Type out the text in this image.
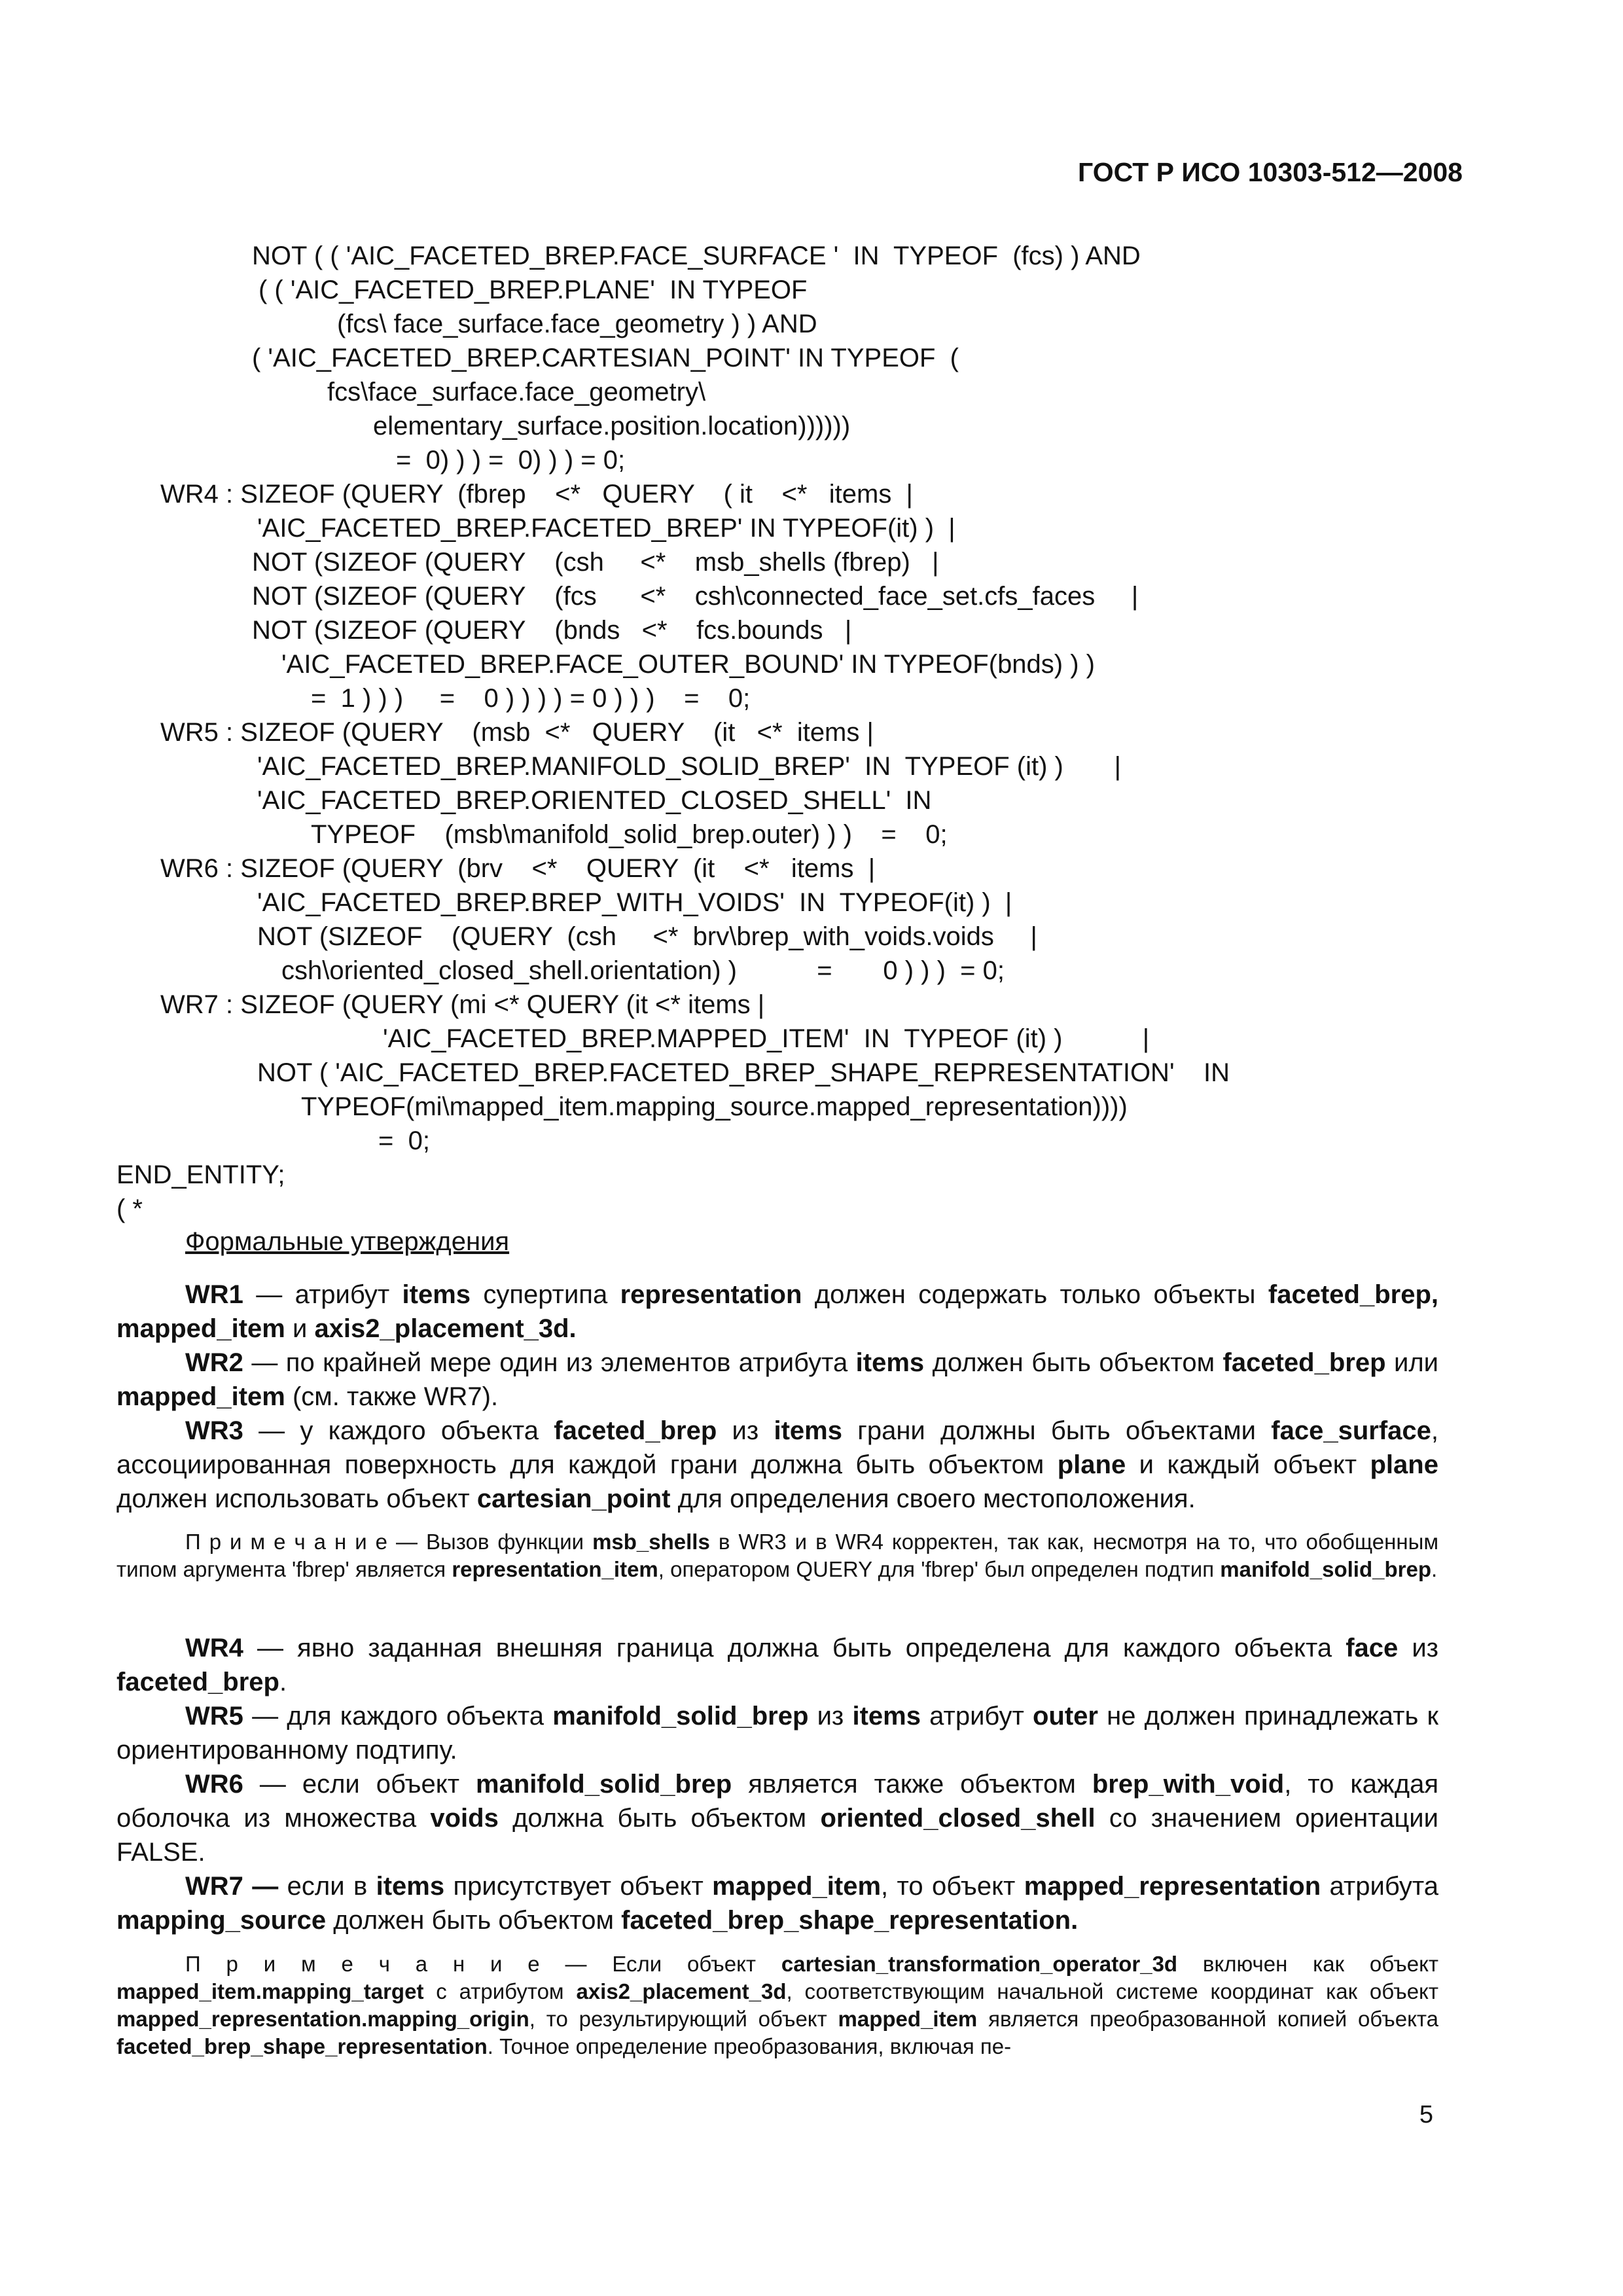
ГОСТ Р ИСО 10303-512—2008
NOT ( ( 'AIC_FACETED_BREP.FACE_SURFACE '  IN  TYPEOF  (fcs) ) AND
( ( 'AIC_FACETED_BREP.PLANE'  IN TYPEOF
(fcs\ face_surface.face_geometry ) ) AND
( 'AIC_FACETED_BREP.CARTESIAN_POINT' IN TYPEOF  (
fcs\face_surface.face_geometry\
elementary_surface.position.location))))))
=  0) ) ) =  0) ) ) = 0;
WR4 : SIZEOF (QUERY  (fbrep    <*   QUERY    ( it    <*   items  |
'AIC_FACETED_BREP.FACETED_BREP' IN TYPEOF(it) )  |
NOT (SIZEOF (QUERY    (csh     <*    msb_shells (fbrep)   |
NOT (SIZEOF (QUERY    (fcs      <*    csh\connected_face_set.cfs_faces     |
NOT (SIZEOF (QUERY    (bnds   <*    fcs.bounds   |
'AIC_FACETED_BREP.FACE_OUTER_BOUND' IN TYPEOF(bnds) ) )
=  1 ) ) )     =    0 ) ) ) ) = 0 ) ) )    =    0;
WR5 : SIZEOF (QUERY    (msb  <*   QUERY    (it   <*  items |
'AIC_FACETED_BREP.MANIFOLD_SOLID_BREP'  IN  TYPEOF (it) )       |
'AIC_FACETED_BREP.ORIENTED_CLOSED_SHELL'  IN
TYPEOF    (msb\manifold_solid_brep.outer) ) )    =    0;
WR6 : SIZEOF (QUERY  (brv    <*    QUERY  (it    <*   items  |
'AIC_FACETED_BREP.BREP_WITH_VOIDS'  IN  TYPEOF(it) )  |
NOT (SIZEOF    (QUERY  (csh     <*  brv\brep_with_voids.voids     |
csh\oriented_closed_shell.orientation) )           =       0 ) ) )  = 0;
WR7 : SIZEOF (QUERY (mi <* QUERY (it <* items |
'AIC_FACETED_BREP.MAPPED_ITEM'  IN  TYPEOF (it) )           |
NOT ( 'AIC_FACETED_BREP.FACETED_BREP_SHAPE_REPRESENTATION'    IN
TYPEOF(mi\mapped_item.mapping_source.mapped_representation))))
=  0;
END_ENTITY;
( *
Формальные утверждения

WR1 — атрибут items супертипа representation должен содержать только объекты faceted_brep, mapped_item и axis2_placement_3d.

WR2 — по крайней мере один из элементов атрибута items должен быть объектом faceted_brep или mapped_item (см. также WR7).

WR3 — у каждого объекта faceted_brep из items грани должны быть объектами face_surface, ассоциированная поверхность для каждой грани должна быть объектом plane и каждый объект plane должен использовать объект cartesian_point для определения своего местоположения.

П р и м е ч а н и е — Вызов функции msb_shells в WR3 и в WR4 корректен, так как, несмотря на то, что обобщенным типом аргумента 'fbrep' является representation_item, оператором QUERY для 'fbrep' был определен подтип manifold_solid_brep.

WR4 — явно заданная внешняя граница должна быть определена для каждого объекта face из faceted_brep.

WR5 — для каждого объекта manifold_solid_brep из items атрибут outer не должен принадлежать к ориентированному подтипу.

WR6 — если объект manifold_solid_brep является также объектом brep_with_void, то каждая оболочка из множества voids должна быть объектом oriented_closed_shell со значением ориентации FALSE.

WR7 — если в items присутствует объект mapped_item, то объект mapped_representation атрибута mapping_source должен быть объектом faceted_brep_shape_representation.

П р и м е ч а н и е — Если объект cartesian_transformation_operator_3d включен как объект mapped_item.mapping_target с атрибутом axis2_placement_3d, соответствующим начальной системе координат как объект mapped_representation.mapping_origin, то результирующий объект mapped_item является преобразованной копией объекта faceted_brep_shape_representation. Точное определение преобразования, включая пе-

5
